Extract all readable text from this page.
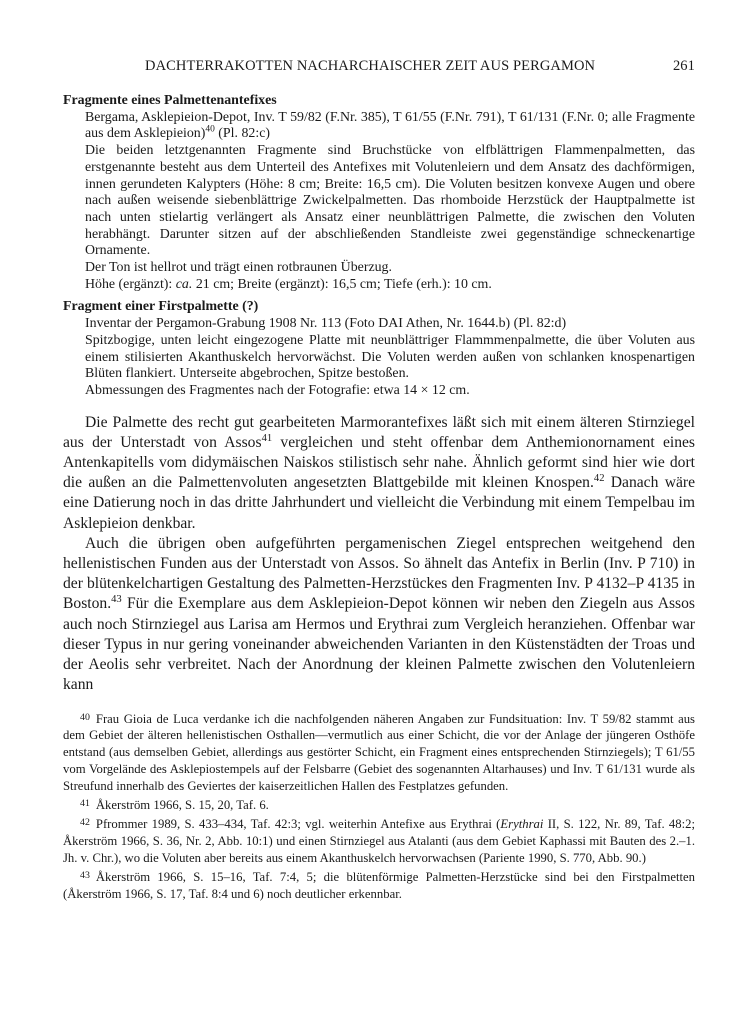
DACHTERRAKOTTEN NACHARCHAISCHER ZEIT AUS PERGAMON	261
Fragmente eines Palmettenantefixes

Bergama, Asklepieion-Depot, Inv. T 59/82 (F.Nr. 385), T 61/55 (F.Nr. 791), T 61/131 (F.Nr. 0; alle Fragmente aus dem Asklepieion)$^{40}$ (Pl. 82:c)

Die beiden letztgenannten Fragmente sind Bruchstücke von elfblättrigen Flammenpalmetten, das erstgenannte besteht aus dem Unterteil des Antefixes mit Volutenleiern und dem Ansatz des dachförmigen, innen gerundeten Kalypters (Höhe: 8 cm; Breite: 16,5 cm). Die Voluten besitzen konvexe Augen und obere nach außen weisende siebenblättrige Zwickelpalmetten. Das rhomboide Herzstück der Hauptpalmette ist nach unten stielartig verlängert als Ansatz einer neunblättrigen Palmette, die zwischen den Voluten herabhängt. Darunter sitzen auf der abschließenden Standleiste zwei gegenständige schneckenartige Ornamente.

Der Ton ist hellrot und trägt einen rotbraunen Überzug.

Höhe (ergänzt): ca. 21 cm; Breite (ergänzt): 16,5 cm; Tiefe (erh.): 10 cm.

Fragment einer Firstpalmette (?)

Inventar der Pergamon-Grabung 1908 Nr. 113 (Foto DAI Athen, Nr. 1644.b) (Pl. 82:d)

Spitzbogige, unten leicht eingezogene Platte mit neunblättriger Flammmenpalmette, die über Voluten aus einem stilisierten Akanthuskelch hervorwächst. Die Voluten werden außen von schlanken knospenartigen Blüten flankiert. Unterseite abgebrochen, Spitze bestoßen.

Abmessungen des Fragmentes nach der Fotografie: etwa 14 × 12 cm.

Die Palmette des recht gut gearbeiteten Marmorantefixes läßt sich mit einem älteren Stirnziegel aus der Unterstadt von Assos$^{41}$ vergleichen und steht offenbar dem Anthemionornament eines Antenkapitells vom didymäischen Naiskos stilistisch sehr nahe. Ähnlich geformt sind hier wie dort die außen an die Palmettenvoluten angesetzten Blattgebilde mit kleinen Knospen.$^{42}$ Danach wäre eine Datierung noch in das dritte Jahrhundert und vielleicht die Verbindung mit einem Tempelbau im Asklepieion denkbar.

Auch die übrigen oben aufgeführten pergamenischen Ziegel entsprechen weitgehend den hellenistischen Funden aus der Unterstadt von Assos. So ähnelt das Antefix in Berlin (Inv. P 710) in der blütenkelchartigen Gestaltung des Palmetten-Herzstückes den Fragmenten Inv. P 4132–P 4135 in Boston.$^{43}$ Für die Exemplare aus dem Asklepieion-Depot können wir neben den Ziegeln aus Assos auch noch Stirnziegel aus Larisa am Hermos und Erythrai zum Vergleich heranziehen. Offenbar war dieser Typus in nur gering voneinander abweichenden Varianten in den Küstenstädten der Troas und der Aeolis sehr verbreitet. Nach der Anordnung der kleinen Palmette zwischen den Volutenleiern kann

$^{40}$ Frau Gioia de Luca verdanke ich die nachfolgenden näheren Angaben zur Fundsituation: Inv. T 59/82 stammt aus dem Gebiet der älteren hellenistischen Osthallen—vermutlich aus einer Schicht, die vor der Anlage der jüngeren Osthöfe entstand (aus demselben Gebiet, allerdings aus gestörter Schicht, ein Fragment eines entsprechenden Stirnziegels); T 61/55 vom Vorgelände des Asklepiostempels auf der Felsbarre (Gebiet des sogenannten Altarhauses) und Inv. T 61/131 wurde als Streufund innerhalb des Geviertes der kaiserzeitlichen Hallen des Festplatzes gefunden.

$^{41}$ Åkerström 1966, S. 15, 20, Taf. 6.

$^{42}$ Pfrommer 1989, S. 433–434, Taf. 42:3; vgl. weiterhin Antefixe aus Erythrai (Erythrai II, S. 122, Nr. 89, Taf. 48:2; Åkerström 1966, S. 36, Nr. 2, Abb. 10:1) und einen Stirnziegel aus Atalanti (aus dem Gebiet Kaphassi mit Bauten des 2.–1. Jh. v. Chr.), wo die Voluten aber bereits aus einem Akanthuskelch hervorwachsen (Pariente 1990, S. 770, Abb. 90.)

$^{43}$ Åkerström 1966, S. 15–16, Taf. 7:4, 5; die blütenförmige Palmetten-Herzstücke sind bei den Firstpalmetten (Åkerström 1966, S. 17, Taf. 8:4 und 6) noch deutlicher erkennbar.
